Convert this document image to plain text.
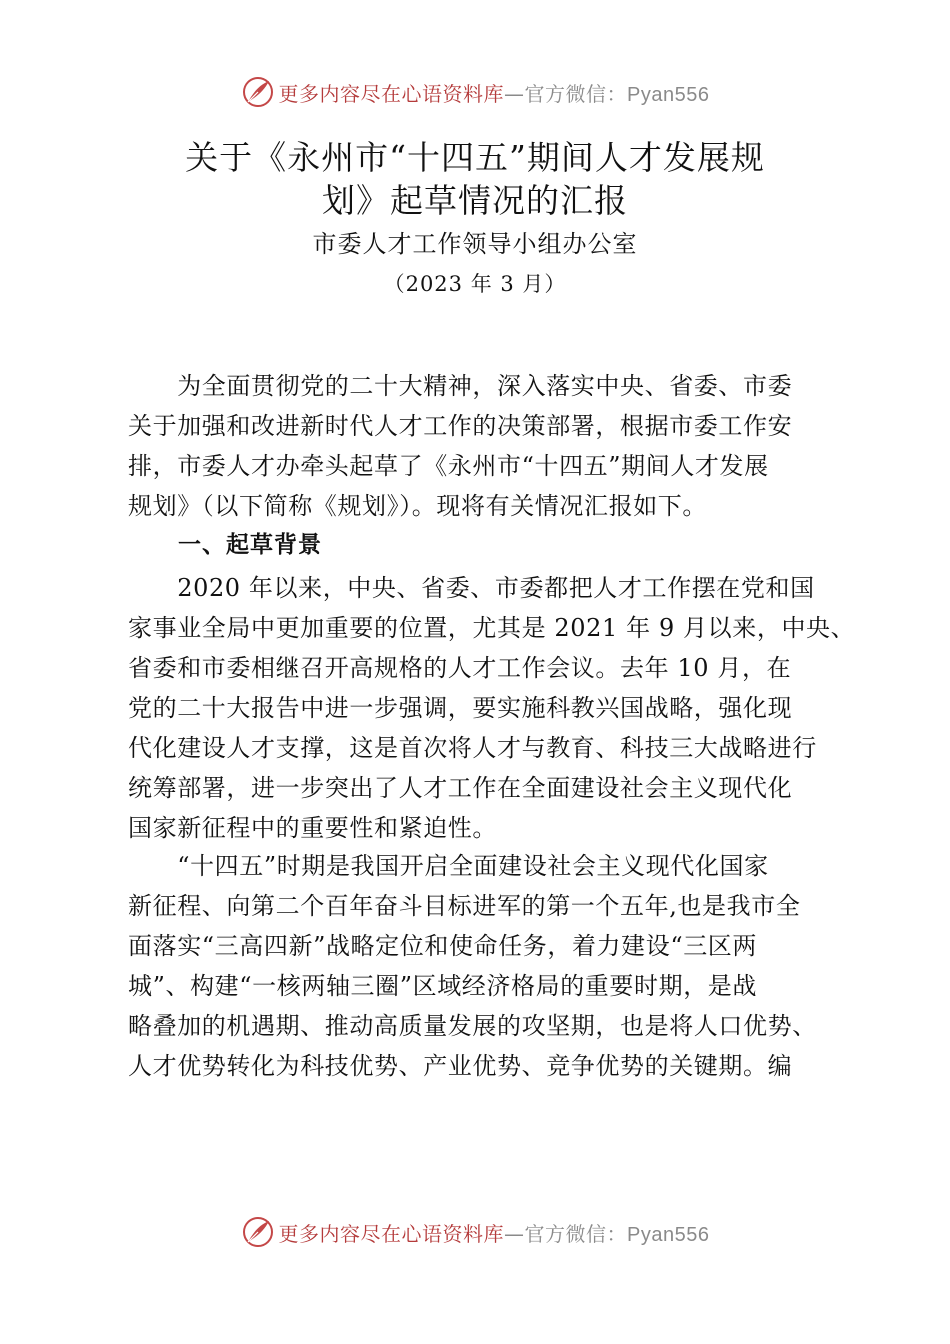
更多内容尽在心语资料库—官方微信：Pyan556
关于《永州市“十四五”期间人才发展规
划》起草情况的汇报
市委人才工作领导小组办公室
（2023 年 3 月）

　　为全面贯彻党的二十大精神，深入落实中央、省委、市委
关于加强和改进新时代人才工作的决策部署，根据市委工作安
排，市委人才办牵头起草了《永州市“十四五”期间人才发展
规划》（以下简称《规划》）。现将有关情况汇报如下。

一、起草背景

　　2020 年以来，中央、省委、市委都把人才工作摆在党和国
家事业全局中更加重要的位置，尤其是 2021 年 9 月以来，中央、
省委和市委相继召开高规格的人才工作会议。去年 10 月，在
党的二十大报告中进一步强调，要实施科教兴国战略，强化现
代化建设人才支撑，这是首次将人才与教育、科技三大战略进行
统筹部署，进一步突出了人才工作在全面建设社会主义现代化
国家新征程中的重要性和紧迫性。

　　“十四五”时期是我国开启全面建设社会主义现代化国家
新征程、向第二个百年奋斗目标进军的第一个五年,也是我市全
面落实“三高四新”战略定位和使命任务，着力建设“三区两
城”、构建“一核两轴三圈”区域经济格局的重要时期，是战
略叠加的机遇期、推动高质量发展的攻坚期，也是将人口优势、
人才优势转化为科技优势、产业优势、竞争优势的关键期。编

更多内容尽在心语资料库—官方微信：Pyan556
